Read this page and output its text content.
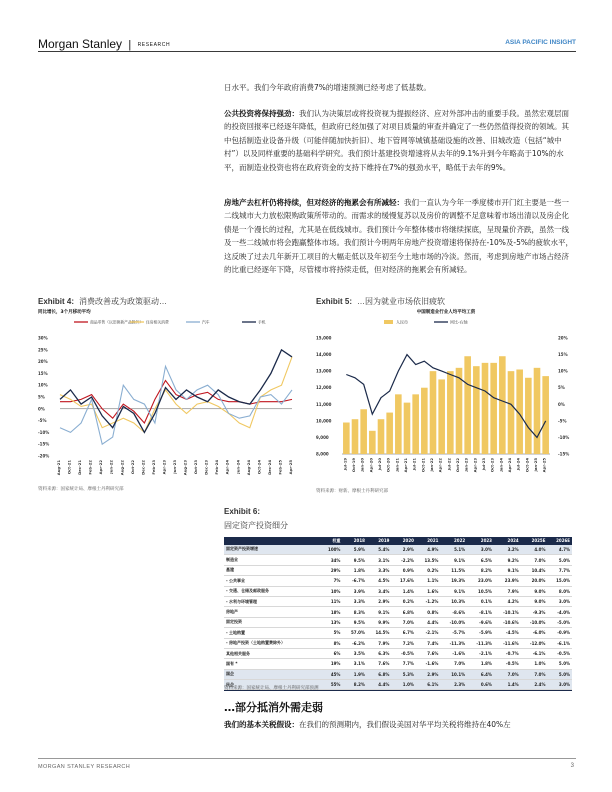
Morgan Stanley | RESEARCH	ASIA PACIFIC INSIGHT

日水平。我们今年政府消费7%的增速预测已经考虑了低基数。

公共投资将保持强劲：我们认为决策层或将投资视为提振经济、应对外部冲击的重要手段。虽然宏观层面的投资回报率已经逐年降低，但政府已经加强了对项目质量的审查并确定了一些仍然值得投资的领域。其中包括制造业设备升级（可能伴随加快折旧）、地下管网等城镇基础设施的改善、旧城改造（包括“城中村”）以及同样重要的基础科学研究。我们预计基建投资增速将从去年的9.1%升到今年略高于10%的水平，而制造业投资也将在政府资金的支持下维持在7%的强劲水平，略低于去年的9%。

房地产去杠杆仍将持续，但对经济的拖累会有所减轻：我们一直认为今年一季度楼市开门红主要是一些一二线城市大力放松限购政策所带动的。而需求的缓慢复苏以及房价的调整不足意味着市场出清以及房企化债是一个漫长的过程，尤其是在低线城市。我们预计今年整体楼市将继续探底，呈现量价齐跌，虽然一线及一些二线城市将会跑赢整体市场。我们预计今明两年房地产投资增速将保持在-10%及-5%的疲软水平，这反映了过去几年新开工项目的大幅走低以及年初至今土地市场的冷淡。然而，考虑到房地产市场占经济的比重已经逐年下降，尽管楼市将持续走低，但对经济的拖累会有所减轻。

Exhibit 4: 消费改善或为政策驱动…
同比增长，3个月移动平均
商品零售（以旧换新产品除外） 住房相关消费	汽车	手机
30%
25%
20%
15%
10%
5%
0%
-5%
-10%
-15%
-20%
Aug-21 Oct-21 Dec-21 Feb-22 Apr-22 Jun-22 Aug-22 Oct-22 Dec-22 Feb-23 Apr-23 Jun-23 Aug-23 Oct-23 Dec-23 Feb-24 Apr-24 Jun-24 Aug-24 Oct-24 Dec-24 Feb-25 Apr-25
资料来源：国家统计局、摩根士丹利研究部
Exhibit 5: …因为就业市场依旧疲软
中国制造业行业人均平均工资
人民币	同比-右轴
15,000
14,000
13,000
12,000
11,000
10,000
9,000
8,000
20%
15%
10%
5%
0%
-5%
-10%
-15%
Jul-19 Oct-19 Jan-20 Apr-20 Jul-20 Oct-20 Jan-21 Apr-21 Jul-21 Oct-21 Jan-22 Apr-22 Jul-22 Oct-22 Jan-23 Apr-23 Jul-23 Oct-23 Jan-24 Apr-24 Jul-24 Oct-24 Jan-25 Apr-25
资料来源：财新、摩根士丹利研究部
Exhibit 6:
固定资产投资细分
	权重	2018	2019	2020	2021	2022	2023	2024	2025E	2026E
固定资产投资增速	100%	5.9%	5.4%	2.9%	4.9%	5.1%	3.0%	3.2%	4.0%	4.7%
制造业	34%	9.5%	3.1%	-2.2%	13.5%	9.1%	6.5%	9.2%	7.0%	5.0%
基建	29%	1.8%	3.3%	0.9%	0.2%	11.5%	8.2%	9.1%	10.4%	7.7%
- 公共事业	7%	-6.7%	4.5%	17.6%	1.1%	19.3%	23.0%	23.9%	20.0%	15.0%
- 交通、仓储及邮政服务	10%	3.9%	3.4%	1.4%	1.6%	9.1%	10.5%	7.9%	9.0%	8.0%
- 水利与环境管理	11%	3.3%	2.9%	0.2%	-1.2%	10.3%	0.1%	4.2%	9.0%	3.0%
房地产	18%	8.3%	9.1%	6.8%	0.8%	-8.6%	-8.1%	-10.1%	-9.3%	-4.0%
固定投资	13%	9.5%	9.9%	7.0%	4.4%	-10.0%	-9.6%	-10.6%	-10.0%	-5.0%
- 土地购置	5%	57.0%	14.5%	6.7%	-2.1%	-5.7%	-5.9%	-4.5%	-6.0%	-0.9%
- 房地产投资（土地购置费除外）	8%	-6.2%	7.9%	7.2%	7.4%	-11.3%	-11.3%	-11.6%	-12.0%	-6.1%
其他相关服务	6%	3.5%	6.3%	-0.5%	7.6%	-1.6%	-2.1%	-0.7%	-6.1%	-0.5%
国有 *	19%	3.1%	7.6%	7.7%	-1.6%	7.0%	1.8%	-0.5%	1.0%	5.0%
国企	45%	1.9%	6.8%	5.3%	2.9%	10.1%	6.4%	7.0%	7.0%	5.0%
民企	55%	8.2%	4.4%	1.0%	6.1%	2.3%	0.6%	1.4%	2.4%	3.0%
资料来源：国家统计局、摩根士丹利研究部预测
…部分抵消外需走弱

我们的基本关税假设：在我们的预测期内，我们假设美国对华平均关税将维持在40%左

MORGAN STANLEY RESEARCH	3
